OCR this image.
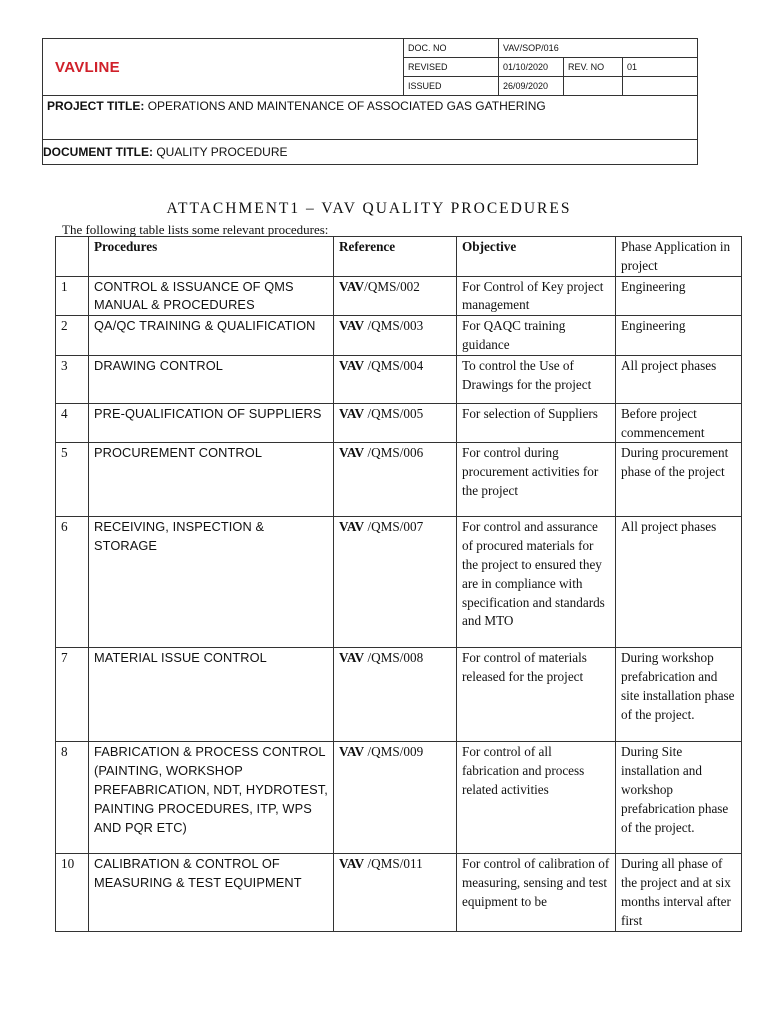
VAVLINE	DOC. NO	VAV/SOP/016		
	REVISED	01/10/2020	REV. NO	01
	ISSUED	26/09/2020		
PROJECT TITLE: OPERATIONS AND MAINTENANCE OF ASSOCIATED GAS GATHERING				
DOCUMENT TITLE: QUALITY PROCEDURE				
ATTACHMENT1 – VAV QUALITY PROCEDURES
The following table lists some relevant procedures:
	Procedures	Reference	Objective	Phase Application in project
1	CONTROL & ISSUANCE OF QMS MANUAL & PROCEDURES	VAV/QMS/002	For Control of Key project management	Engineering
2	QA/QC TRAINING & QUALIFICATION	VAV /QMS/003	For QAQC training guidance	Engineering
3	DRAWING CONTROL	VAV /QMS/004	To control the Use of Drawings for the project	All project phases
4	PRE-QUALIFICATION OF SUPPLIERS	VAV /QMS/005	For selection of Suppliers	Before project commencement
5	PROCUREMENT CONTROL	VAV /QMS/006	For control during procurement activities for the project	During procurement phase of the project
6	RECEIVING, INSPECTION & STORAGE	VAV /QMS/007	For control and assurance of procured materials for the project to ensured they are in compliance with specification and standards and MTO	All project phases
7	MATERIAL ISSUE CONTROL	VAV /QMS/008	For control of materials released for the project	During workshop prefabrication and site installation phase of the project.
8	FABRICATION & PROCESS CONTROL (PAINTING, WORKSHOP PREFABRICATION, NDT, HYDROTEST, PAINTING PROCEDURES, ITP, WPS AND PQR ETC)	VAV /QMS/009	For control of all fabrication and process related activities	During Site installation and workshop prefabrication phase of the project.
10	CALIBRATION & CONTROL OF MEASURING & TEST EQUIPMENT	VAV /QMS/011	For control of calibration of measuring, sensing and test equipment to be	During all phase of the project and at six months interval after first
